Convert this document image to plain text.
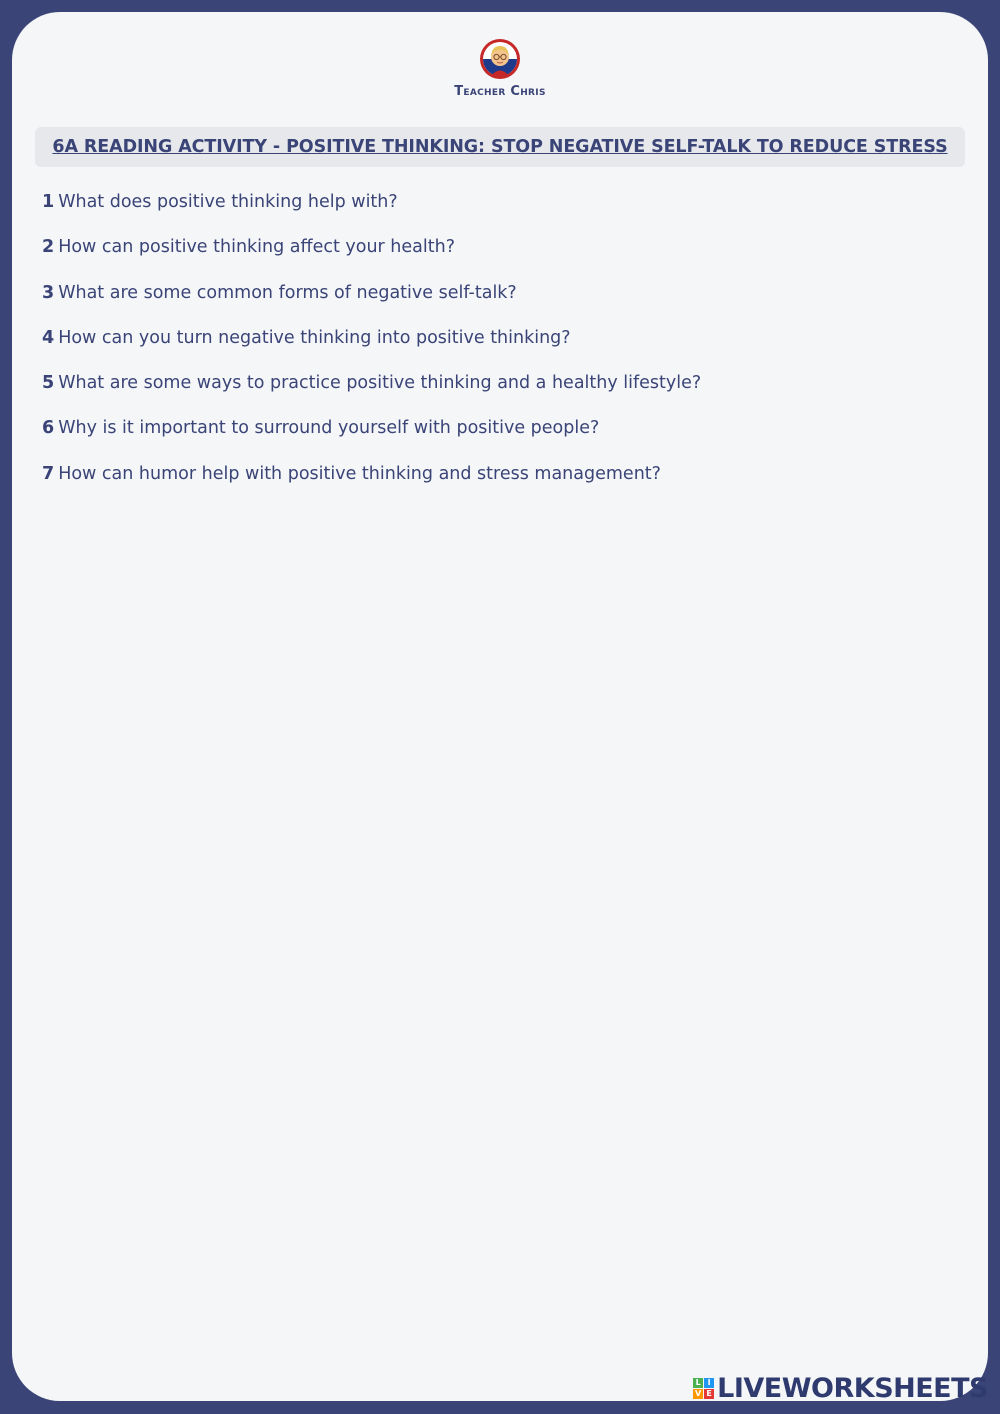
Teacher Chris
6A READING ACTIVITY - POSITIVE THINKING: STOP NEGATIVE SELF-TALK TO REDUCE STRESS
1 What does positive thinking help with?
2 How can positive thinking affect your health?
3 What are some common forms of negative self-talk?
4 How can you turn negative thinking into positive thinking?
5 What are some ways to practice positive thinking and a healthy lifestyle?
6 Why is it important to surround yourself with positive people?
7 How can humor help with positive thinking and stress management?
L I
V E LIVEWORKSHEETS
